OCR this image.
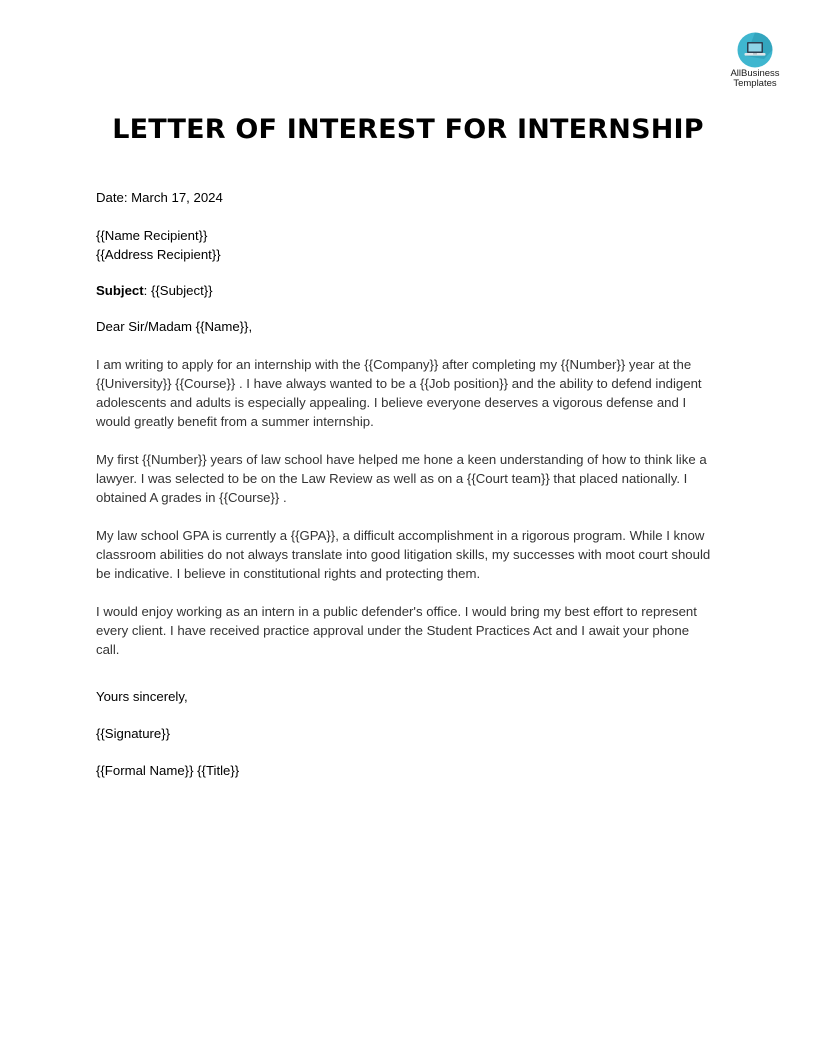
AllBusiness
Templates
LETTER OF INTEREST FOR INTERNSHIP

Date: March 17, 2024

{{Name Recipient}}

{{Address Recipient}}

Subject: {{Subject}}

Dear Sir/Madam {{Name}},

I am writing to apply for an internship with the {{Company}} after completing my {{Number}} year at the {{University}} {{Course}} . I have always wanted to be a {{Job position}} and the ability to defend indigent adolescents and adults is especially appealing. I believe everyone deserves a vigorous defense and I would greatly benefit from a summer internship.

My first {{Number}} years of law school have helped me hone a keen understanding of how to think like a lawyer. I was selected to be on the Law Review as well as on a {{Court team}} that placed nationally. I obtained A grades in {{Course}} .

My law school GPA is currently a {{GPA}}, a difficult accomplishment in a rigorous program. While I know classroom abilities do not always translate into good litigation skills, my successes with moot court should be indicative. I believe in constitutional rights and protecting them.

I would enjoy working as an intern in a public defender's office. I would bring my best effort to represent every client. I have received practice approval under the Student Practices Act and I await your phone call.

Yours sincerely,

{{Signature}}

{{Formal Name}} {{Title}}
